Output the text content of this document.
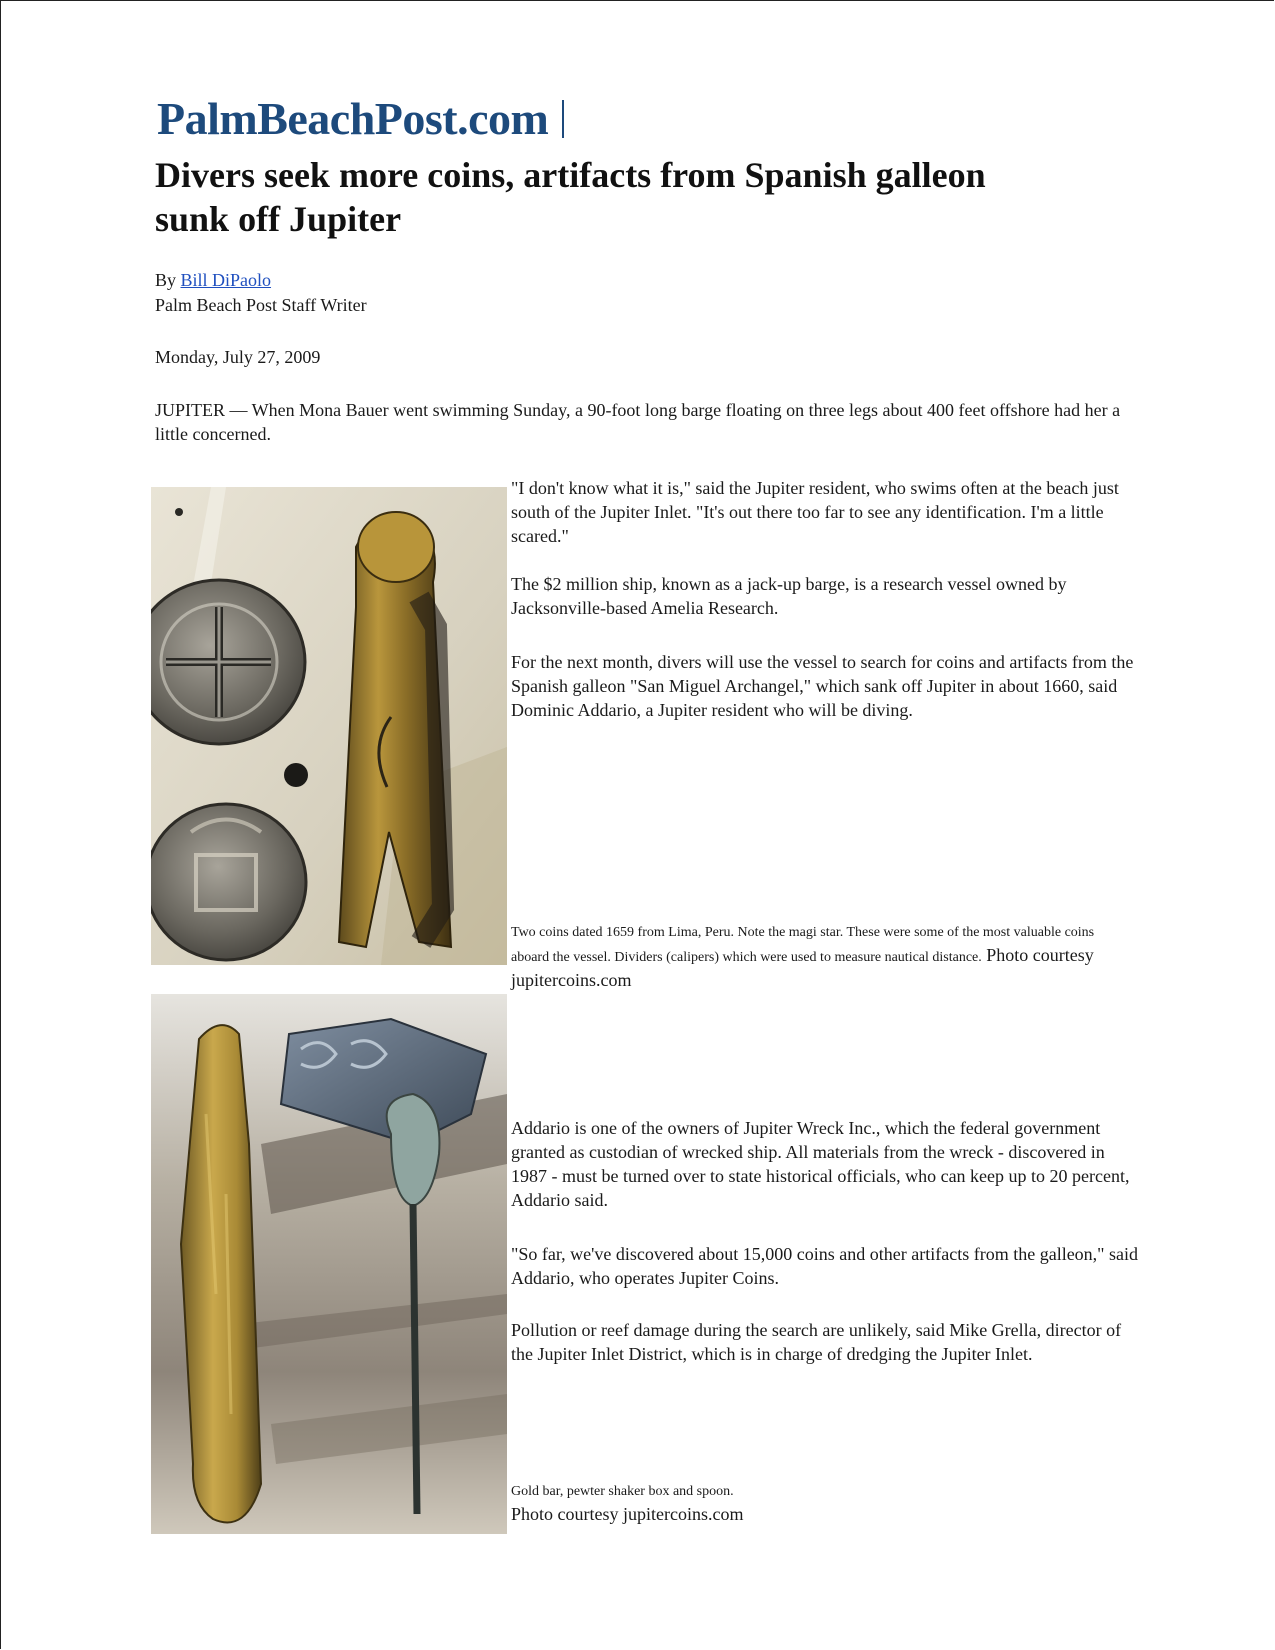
PalmBeachPost.com
Divers seek more coins, artifacts from Spanish galleon sunk off Jupiter

By Bill DiPaolo

Palm Beach Post Staff Writer

Monday, July 27, 2009

JUPITER — When Mona Bauer went swimming Sunday, a 90-foot long barge floating on three legs about 400 feet offshore had her a little concerned.

"I don't know what it is," said the Jupiter resident, who swims often at the beach just south of the Jupiter Inlet. "It's out there too far to see any identification. I'm a little scared."

The $2 million ship, known as a jack-up barge, is a research vessel owned by Jacksonville-based Amelia Research.

For the next month, divers will use the vessel to search for coins and artifacts from the Spanish galleon "San Miguel Archangel," which sank off Jupiter in about 1660, said Dominic Addario, a Jupiter resident who will be diving.

Two coins dated 1659 from Lima, Peru. Note the magi star. These were some of the most valuable coins aboard the vessel. Dividers (calipers) which were used to measure nautical distance. Photo courtesy jupitercoins.com

Addario is one of the owners of Jupiter Wreck Inc., which the federal government granted as custodian of wrecked ship. All materials from the wreck - discovered in 1987 - must be turned over to state historical officials, who can keep up to 20 percent, Addario said.

"So far, we've discovered about 15,000 coins and other artifacts from the galleon," said Addario, who operates Jupiter Coins.

Pollution or reef damage during the search are unlikely, said Mike Grella, director of the Jupiter Inlet District, which is in charge of dredging the Jupiter Inlet.

Gold bar, pewter shaker box and spoon.
Photo courtesy jupitercoins.com
